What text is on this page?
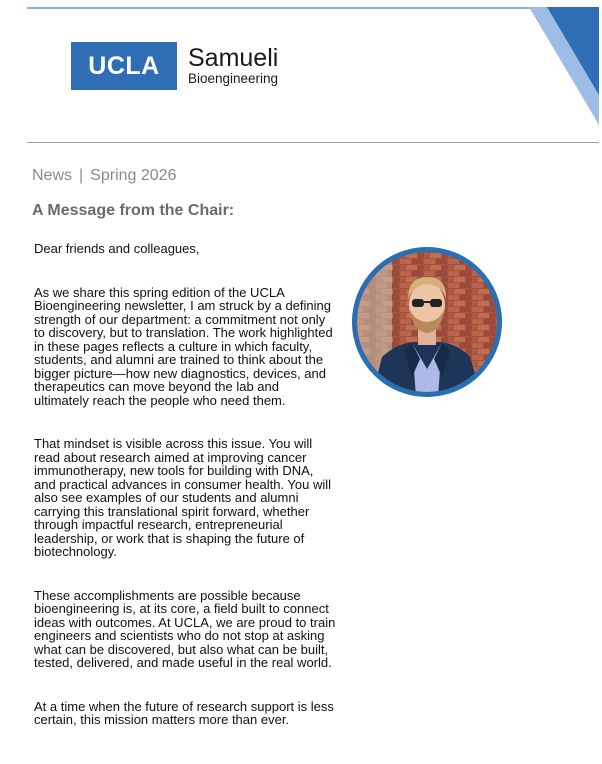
UCLA	Samueli
Bioengineering
News | Spring 2026
A Message from the Chair:

Dear friends and colleagues,

As we share this spring edition of the UCLA Bioengineering newsletter, I am struck by a defining strength of our department: a commitment not only to discovery, but to translation. The work highlighted in these pages reflects a culture in which faculty, students, and alumni are trained to think about the bigger picture—how new diagnostics, devices, and therapeutics can move beyond the lab and ultimately reach the people who need them.

That mindset is visible across this issue. You will read about research aimed at improving cancer immunotherapy, new tools for building with DNA, and practical advances in consumer health. You will also see examples of our students and alumni carrying this translational spirit forward, whether through impactful research, entrepreneurial leadership, or work that is shaping the future of biotechnology.

These accomplishments are possible because bioengineering is, at its core, a field built to connect ideas with outcomes. At UCLA, we are proud to train engineers and scientists who do not stop at asking what can be discovered, but also what can be built, tested, delivered, and made useful in the real world.

At a time when the future of research support is less certain, this mission matters more than ever.
